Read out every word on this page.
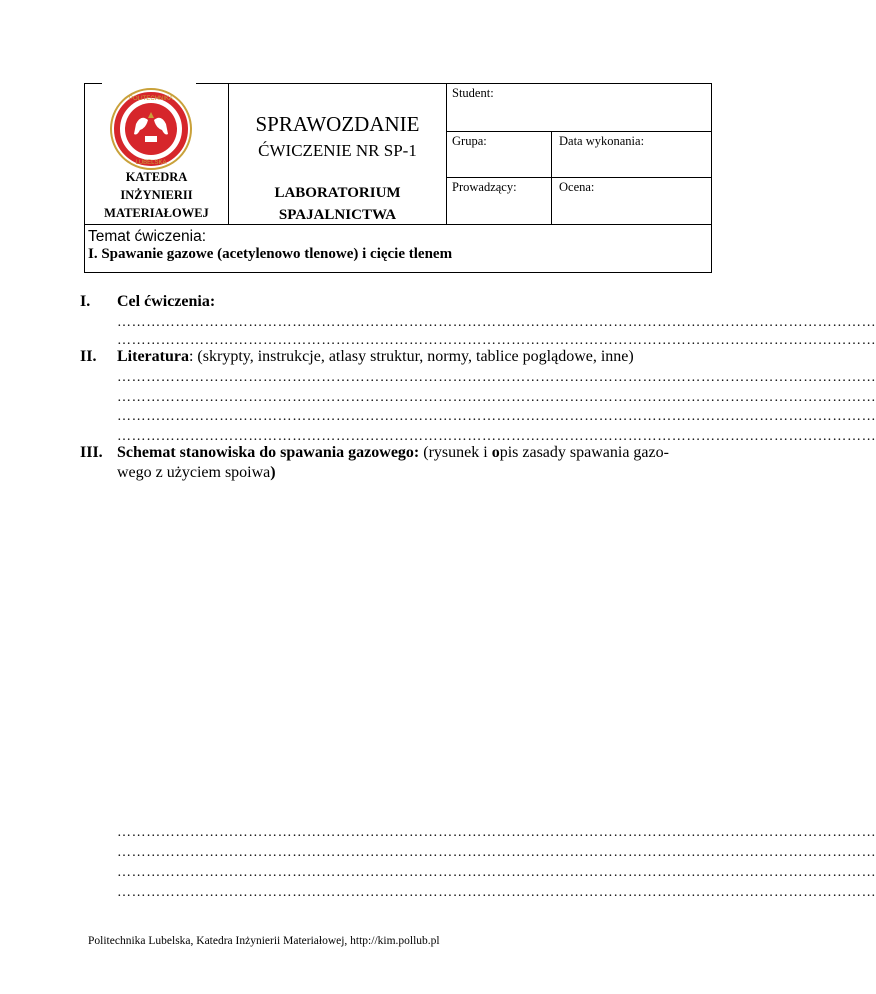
POLITECHNIKA
LUBELSKA
KATEDRA
INŻYNIERII
MATERIAŁOWEJ
SPRAWOZDANIE
ĆWICZENIE NR SP-1
LABORATORIUM
SPAJALNICTWA
Student:
Grupa:	Data wykonania:
Prowadzący:	Ocena:
Temat ćwiczenia:
I. Spawanie gazowe (acetylenowo tlenowe) i cięcie tlenem
I. Cel ćwiczenia:
…………………………………………………………………………………………………………………………………………
…………………………………………………………………………………………………………………………………………
II. Literatura: (skrypty, instrukcje, atlasy struktur, normy, tablice poglądowe, inne)
…………………………………………………………………………………………………………………………………………
…………………………………………………………………………………………………………………………………………
…………………………………………………………………………………………………………………………………………
…………………………………………………………………………………………………………………………………………
III. Schemat stanowiska do spawania gazowego: (rysunek i opis zasady spawania gazo-
wego z użyciem spoiwa)
…………………………………………………………………………………………………………………………………………
…………………………………………………………………………………………………………………………………………
…………………………………………………………………………………………………………………………………………
…………………………………………………………………………………………………………………………………………
Politechnika Lubelska, Katedra Inżynierii Materiałowej, http://kim.pollub.pl
